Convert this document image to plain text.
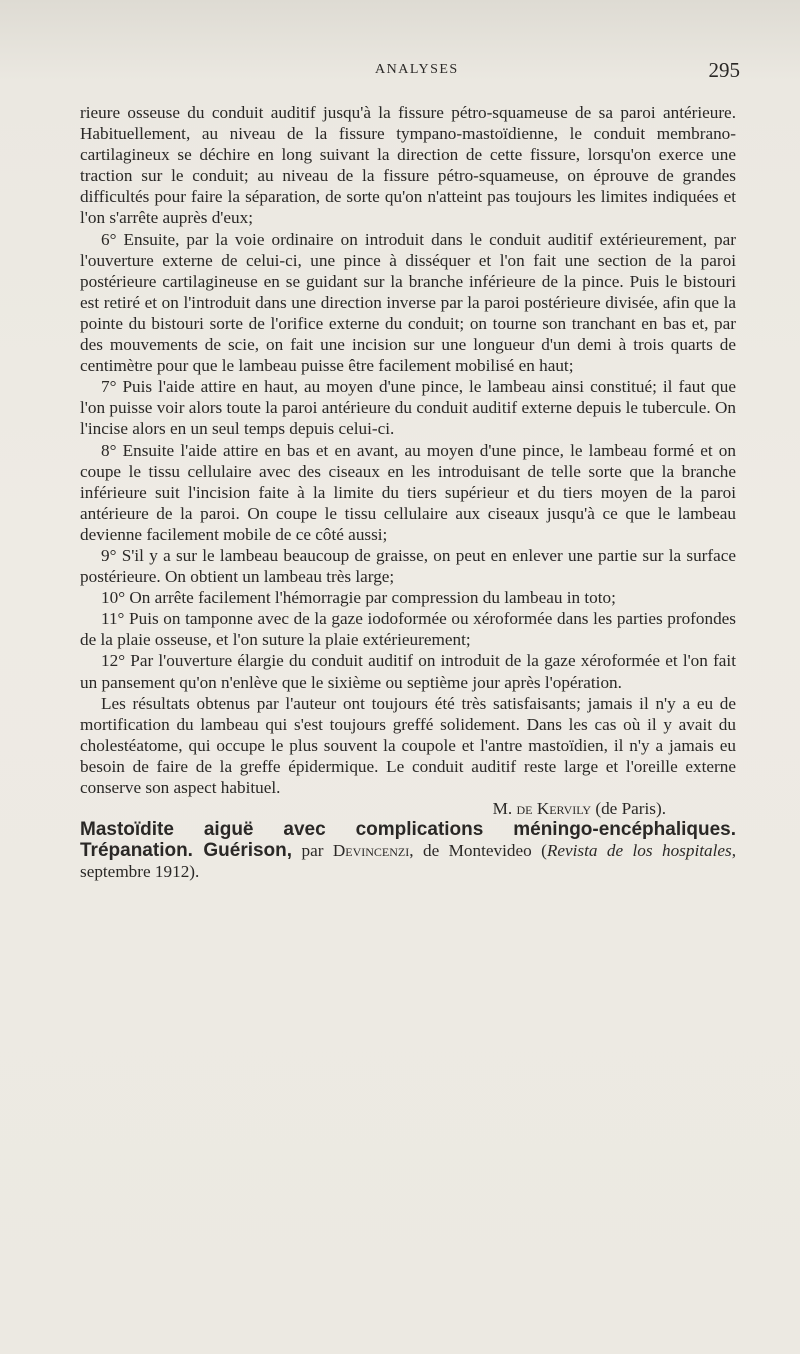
ANALYSES	295

rieure osseuse du conduit auditif jusqu'à la fissure pétro-squameuse de sa paroi antérieure. Habituellement, au niveau de la fissure tympano-mastoïdienne, le conduit membrano-cartilagineux se déchire en long suivant la direction de cette fissure, lorsqu'on exerce une traction sur le conduit; au niveau de la fissure pétro-squameuse, on éprouve de grandes difficultés pour faire la séparation, de sorte qu'on n'atteint pas toujours les limites indiquées et l'on s'arrête auprès d'eux;

6° Ensuite, par la voie ordinaire on introduit dans le conduit auditif extérieurement, par l'ouverture externe de celui-ci, une pince à disséquer et l'on fait une section de la paroi postérieure cartilagineuse en se guidant sur la branche inférieure de la pince. Puis le bistouri est retiré et on l'introduit dans une direction inverse par la paroi postérieure divisée, afin que la pointe du bistouri sorte de l'orifice externe du conduit; on tourne son tranchant en bas et, par des mouvements de scie, on fait une incision sur une longueur d'un demi à trois quarts de centimètre pour que le lambeau puisse être facilement mobilisé en haut;

7° Puis l'aide attire en haut, au moyen d'une pince, le lambeau ainsi constitué; il faut que l'on puisse voir alors toute la paroi antérieure du conduit auditif externe depuis le tubercule. On l'incise alors en un seul temps depuis celui-ci.

8° Ensuite l'aide attire en bas et en avant, au moyen d'une pince, le lambeau formé et on coupe le tissu cellulaire avec des ciseaux en les introduisant de telle sorte que la branche inférieure suit l'incision faite à la limite du tiers supérieur et du tiers moyen de la paroi antérieure de la paroi. On coupe le tissu cellulaire aux ciseaux jusqu'à ce que le lambeau devienne facilement mobile de ce côté aussi;

9° S'il y a sur le lambeau beaucoup de graisse, on peut en enlever une partie sur la surface postérieure. On obtient un lambeau très large;

10° On arrête facilement l'hémorragie par compression du lambeau in toto;

11° Puis on tamponne avec de la gaze iodoformée ou xéroformée dans les parties profondes de la plaie osseuse, et l'on suture la plaie extérieurement;

12° Par l'ouverture élargie du conduit auditif on introduit de la gaze xéroformée et l'on fait un pansement qu'on n'enlève que le sixième ou septième jour après l'opération.

Les résultats obtenus par l'auteur ont toujours été très satisfaisants; jamais il n'y a eu de mortification du lambeau qui s'est toujours greffé solidement. Dans les cas où il y avait du cholestéatome, qui occupe le plus souvent la coupole et l'antre mastoïdien, il n'y a jamais eu besoin de faire de la greffe épidermique. Le conduit auditif reste large et l'oreille externe conserve son aspect habituel.

M. de Kervily (de Paris).

Mastoïdite aiguë avec complications méningo-encéphaliques. Trépanation. Guérison, par Devincenzi, de Montevideo (Revista de los hospitales, septembre 1912).
